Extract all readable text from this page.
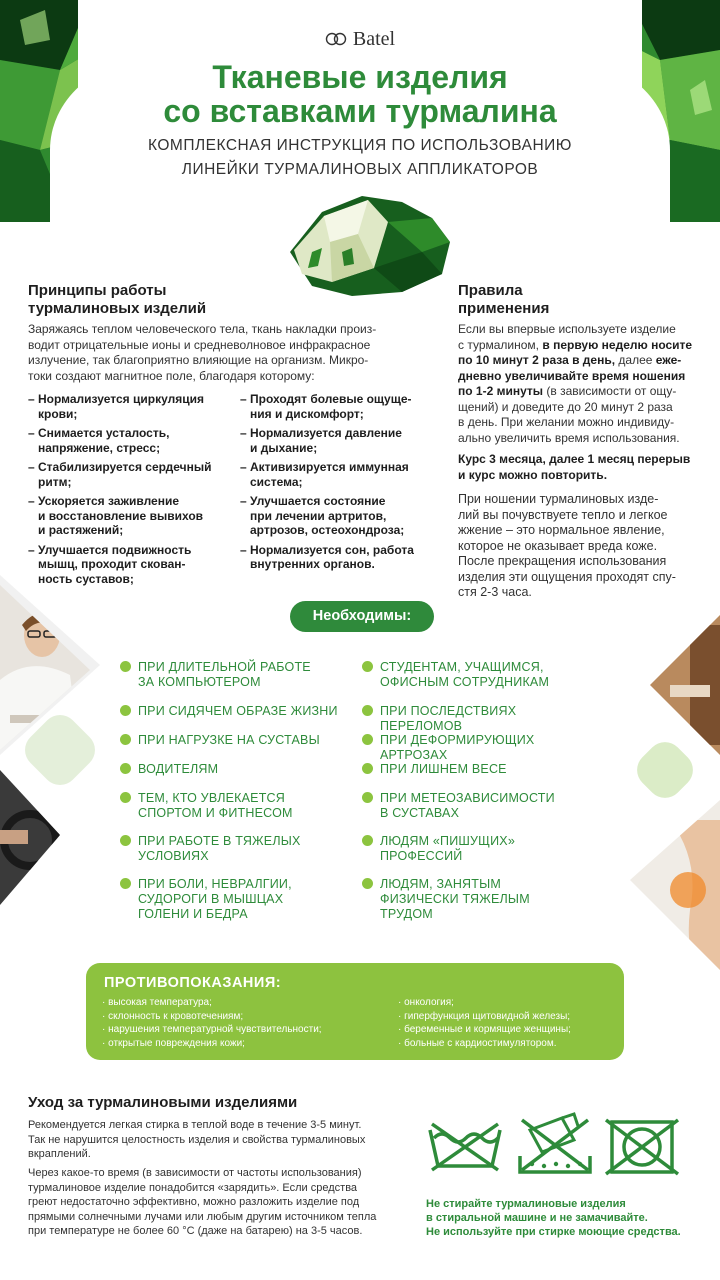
Batel
Тканевые изделия
со вставками турмалина
КОМПЛЕКСНАЯ ИНСТРУКЦИЯ ПО ИСПОЛЬЗОВАНИЮ
ЛИНЕЙКИ ТУРМАЛИНОВЫХ АППЛИКАТОРОВ
Принципы работы
турмалиновых изделий
Заряжаясь теплом человеческого тела, ткань накладки произ-
водит отрицательные ионы и средневолновое инфракрасное
излучение, так благоприятно влияющие на организм. Микро-
токи создают магнитное поле, благодаря которому:
– Нормализуется циркуляция
крови;
– Снимается усталость,
напряжение, стресс;
– Стабилизируется сердечный
ритм;
– Ускоряется заживление
и восстановление вывихов
и растяжений;
– Улучшается подвижность
мышц, проходит скован-
ность суставов;
– Проходят болевые ощуще-
ния и дискомфорт;
– Нормализуется давление
и дыхание;
– Активизируется иммунная
система;
– Улучшается состояние
при лечении артритов,
артрозов, остеохондроза;
– Нормализуется сон, работа
внутренних органов.
Правила
применения
Если вы впервые используете изделие
с турмалином, в первую неделю носите
по 10 минут 2 раза в день, далее еже-
дневно увеличивайте время ношения
по 1-2 минуты (в зависимости от ощу-
щений) и доведите до 20 минут 2 раза
в день. При желании можно индивиду-
ально увеличить время использования.
Курс 3 месяца, далее 1 месяц перерыв
и курс можно повторить.
При ношении турмалиновых изде-
лий вы почувствуете тепло и легкое
жжение – это нормальное явление,
которое не оказывает вреда коже.
После прекращения использования
изделия эти ощущения проходят спу-
стя 2-3 часа.
Необходимы:
ПРИ ДЛИТЕЛЬНОЙ РАБОТЕ
ЗА КОМПЬЮТЕРОМ
ПРИ СИДЯЧЕМ ОБРАЗЕ ЖИЗНИ
ПРИ НАГРУЗКЕ НА СУСТАВЫ
ВОДИТЕЛЯМ
ТЕМ, КТО УВЛЕКАЕТСЯ
СПОРТОМ И ФИТНЕСОМ
ПРИ РАБОТЕ В ТЯЖЕЛЫХ
УСЛОВИЯХ
ПРИ БОЛИ, НЕВРАЛГИИ,
СУДОРОГИ В МЫШЦАХ
ГОЛЕНИ И БЕДРА
СТУДЕНТАМ, УЧАЩИМСЯ,
ОФИСНЫМ СОТРУДНИКАМ
ПРИ ПОСЛЕДСТВИЯХ ПЕРЕЛОМОВ
ПРИ ДЕФОРМИРУЮЩИХ АРТРОЗАХ
ПРИ ЛИШНЕМ ВЕСЕ
ПРИ МЕТЕОЗАВИСИМОСТИ
В СУСТАВАХ
ЛЮДЯМ «ПИШУЩИХ»
ПРОФЕССИЙ
ЛЮДЯМ, ЗАНЯТЫМ
ФИЗИЧЕСКИ ТЯЖЕЛЫМ
ТРУДОМ
ПРОТИВОПОКАЗАНИЯ:
· высокая температура;
· склонность к кровотечениям;
· нарушения температурной чувствительности;
· открытые повреждения кожи;
· онкология;
· гиперфункция щитовидной железы;
· беременные и кормящие женщины;
· больные с кардиостимулятором.
Уход за турмалиновыми изделиями
Рекомендуется легкая стирка в теплой воде в течение 3-5 минут.
Так не нарушится целостность изделия и свойства турмалиновых
вкраплений.
Через какое-то время (в зависимости от частоты использования)
турмалиновое изделие понадобится «зарядить». Если средства
греют недостаточно эффективно, можно разложить изделие под
прямыми солнечными лучами или любым другим источником тепла
при температуре не более 60 °С (даже на батарею) на 3-5 часов.
Не стирайте турмалиновые изделия
в стиральной машине и не замачивайте.
Не используйте при стирке моющие средства.
